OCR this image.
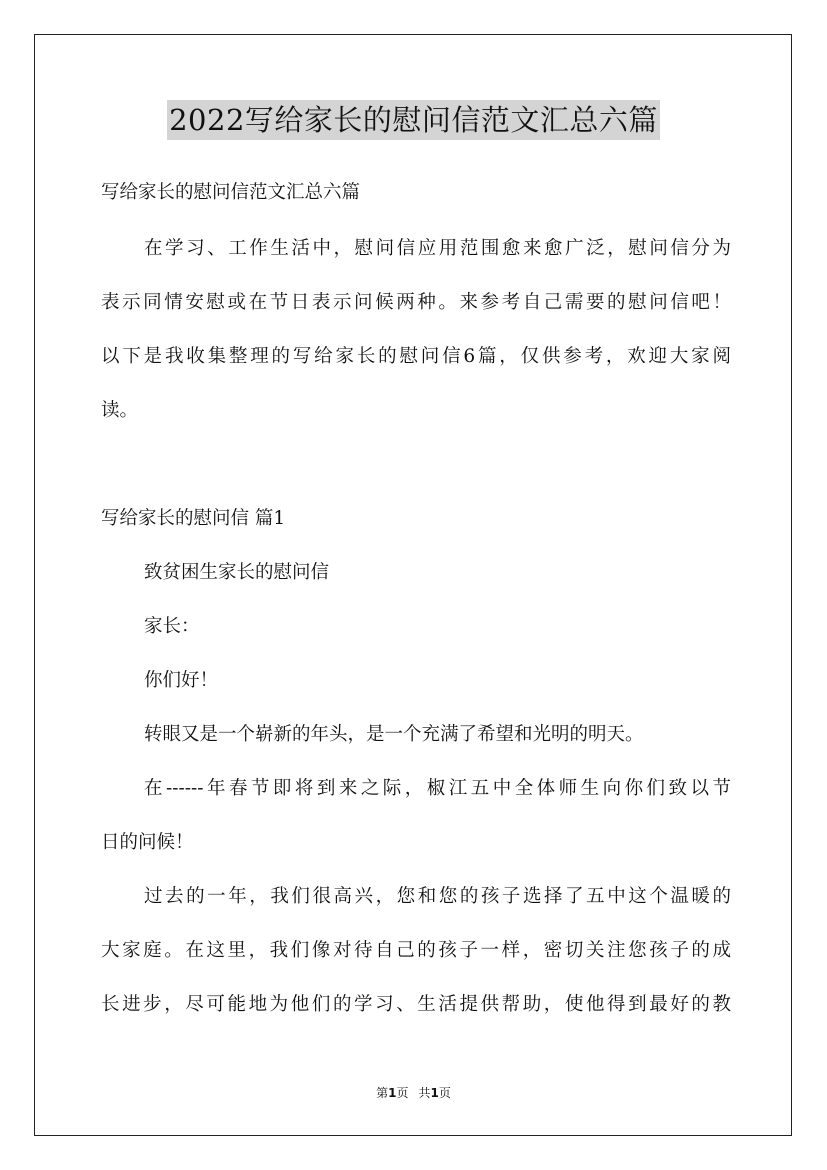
2022写给家长的慰问信范文汇总六篇
写给家长的慰问信范文汇总六篇
在学习、工作生活中，慰问信应用范围愈来愈广泛，慰问信分为
表示同情安慰或在节日表示问候两种。来参考自己需要的慰问信吧！
以下是我收集整理的写给家长的慰问信6篇，仅供参考，欢迎大家阅
读。
写给家长的慰问信 篇1
致贫困生家长的慰问信
家长：
你们好！
转眼又是一个崭新的年头，是一个充满了希望和光明的明天。
在------年春节即将到来之际，椒江五中全体师生向你们致以节
日的问候！
过去的一年，我们很高兴，您和您的孩子选择了五中这个温暖的
大家庭。在这里，我们像对待自己的孩子一样，密切关注您孩子的成
长进步，尽可能地为他们的学习、生活提供帮助，使他得到最好的教
第1页 共1页
